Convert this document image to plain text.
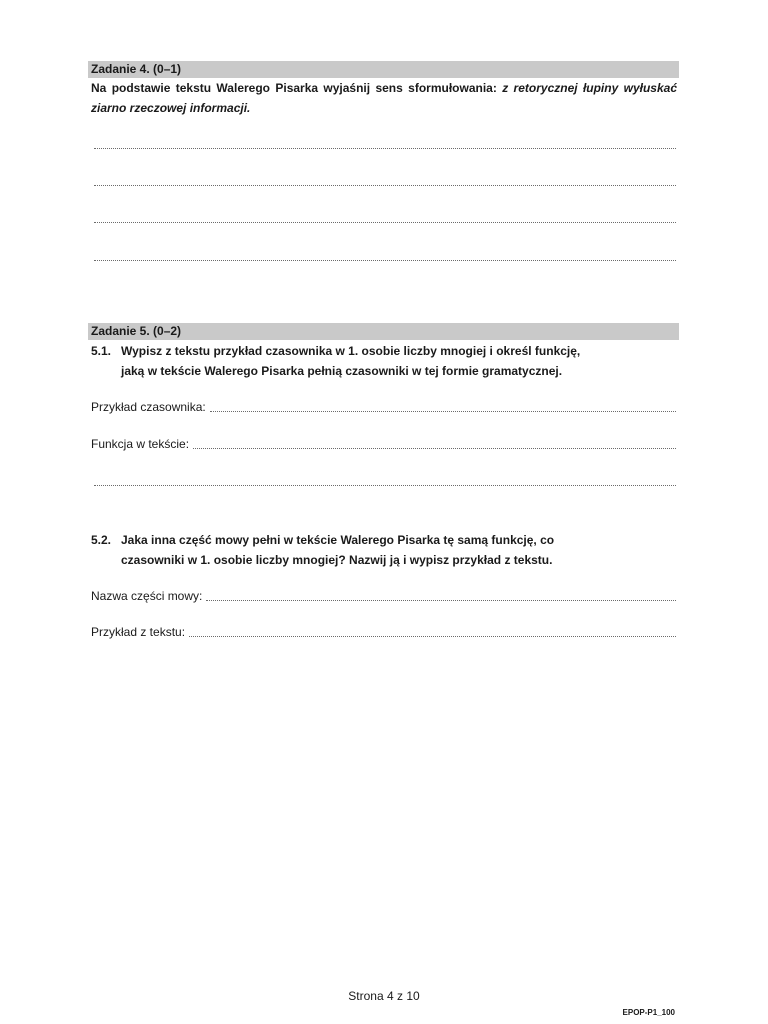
Zadanie 4. (0–1)
Na podstawie tekstu Walerego Pisarka wyjaśnij sens sformułowania: z retorycznej łupiny wyłuskać ziarno rzeczowej informacji.
Zadanie 5. (0–2)
5.1. Wypisz z tekstu przykład czasownika w 1. osobie liczby mnogiej i określ funkcję,
jaką w tekście Walerego Pisarka pełnią czasowniki w tej formie gramatycznej.
Przykład czasownika:
Funkcja w tekście:
5.2. Jaka inna część mowy pełni w tekście Walerego Pisarka tę samą funkcję, co
czasowniki w 1. osobie liczby mnogiej? Nazwij ją i wypisz przykład z tekstu.
Nazwa części mowy:
Przykład z tekstu:
Strona 4 z 10
EPOP-P1_100
